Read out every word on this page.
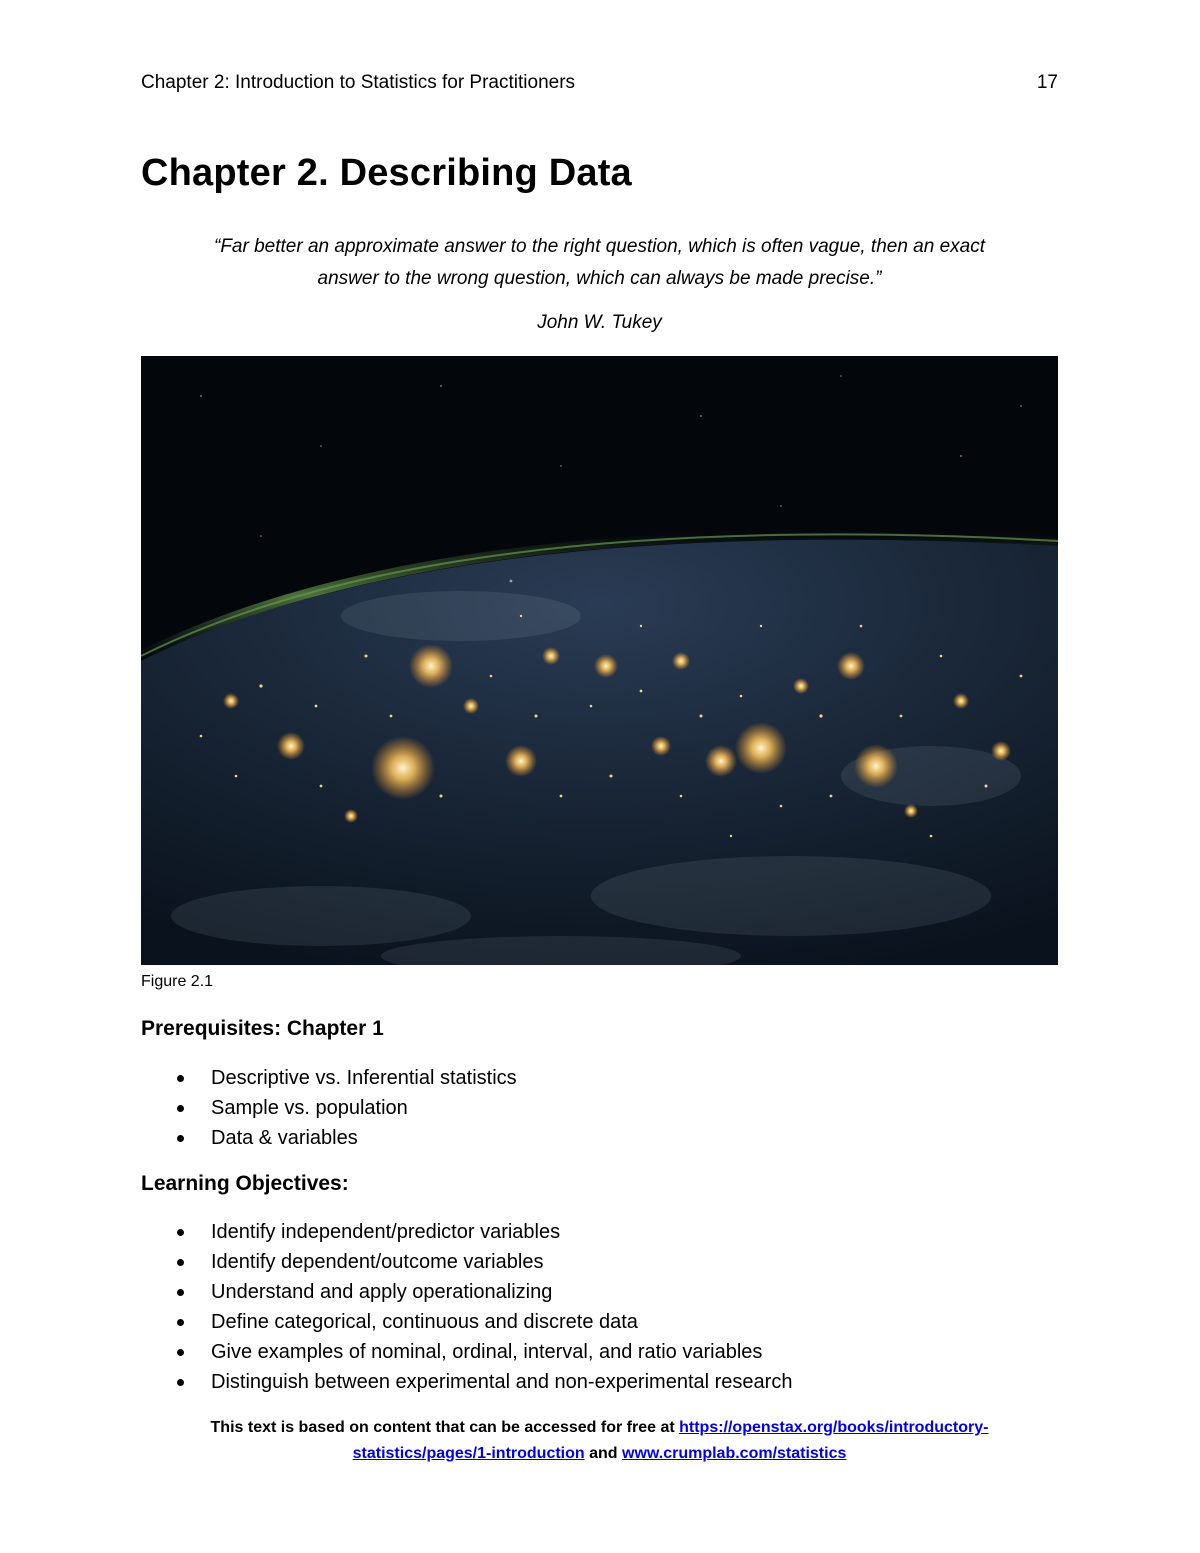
Chapter 2: Introduction to Statistics for Practitioners	17
Chapter 2. Describing Data
“Far better an approximate answer to the right question, which is often vague, then an exact
answer to the wrong question, which can always be made precise.”
John W. Tukey
Figure 2.1
Prerequisites: Chapter 1
Descriptive vs. Inferential statistics
Sample vs. population
Data & variables
Learning Objectives:
Identify independent/predictor variables
Identify dependent/outcome variables
Understand and apply operationalizing
Define categorical, continuous and discrete data
Give examples of nominal, ordinal, interval, and ratio variables
Distinguish between experimental and non-experimental research
This text is based on content that can be accessed for free at https://openstax.org/books/introductory-
statistics/pages/1-introduction and www.crumplab.com/statistics
